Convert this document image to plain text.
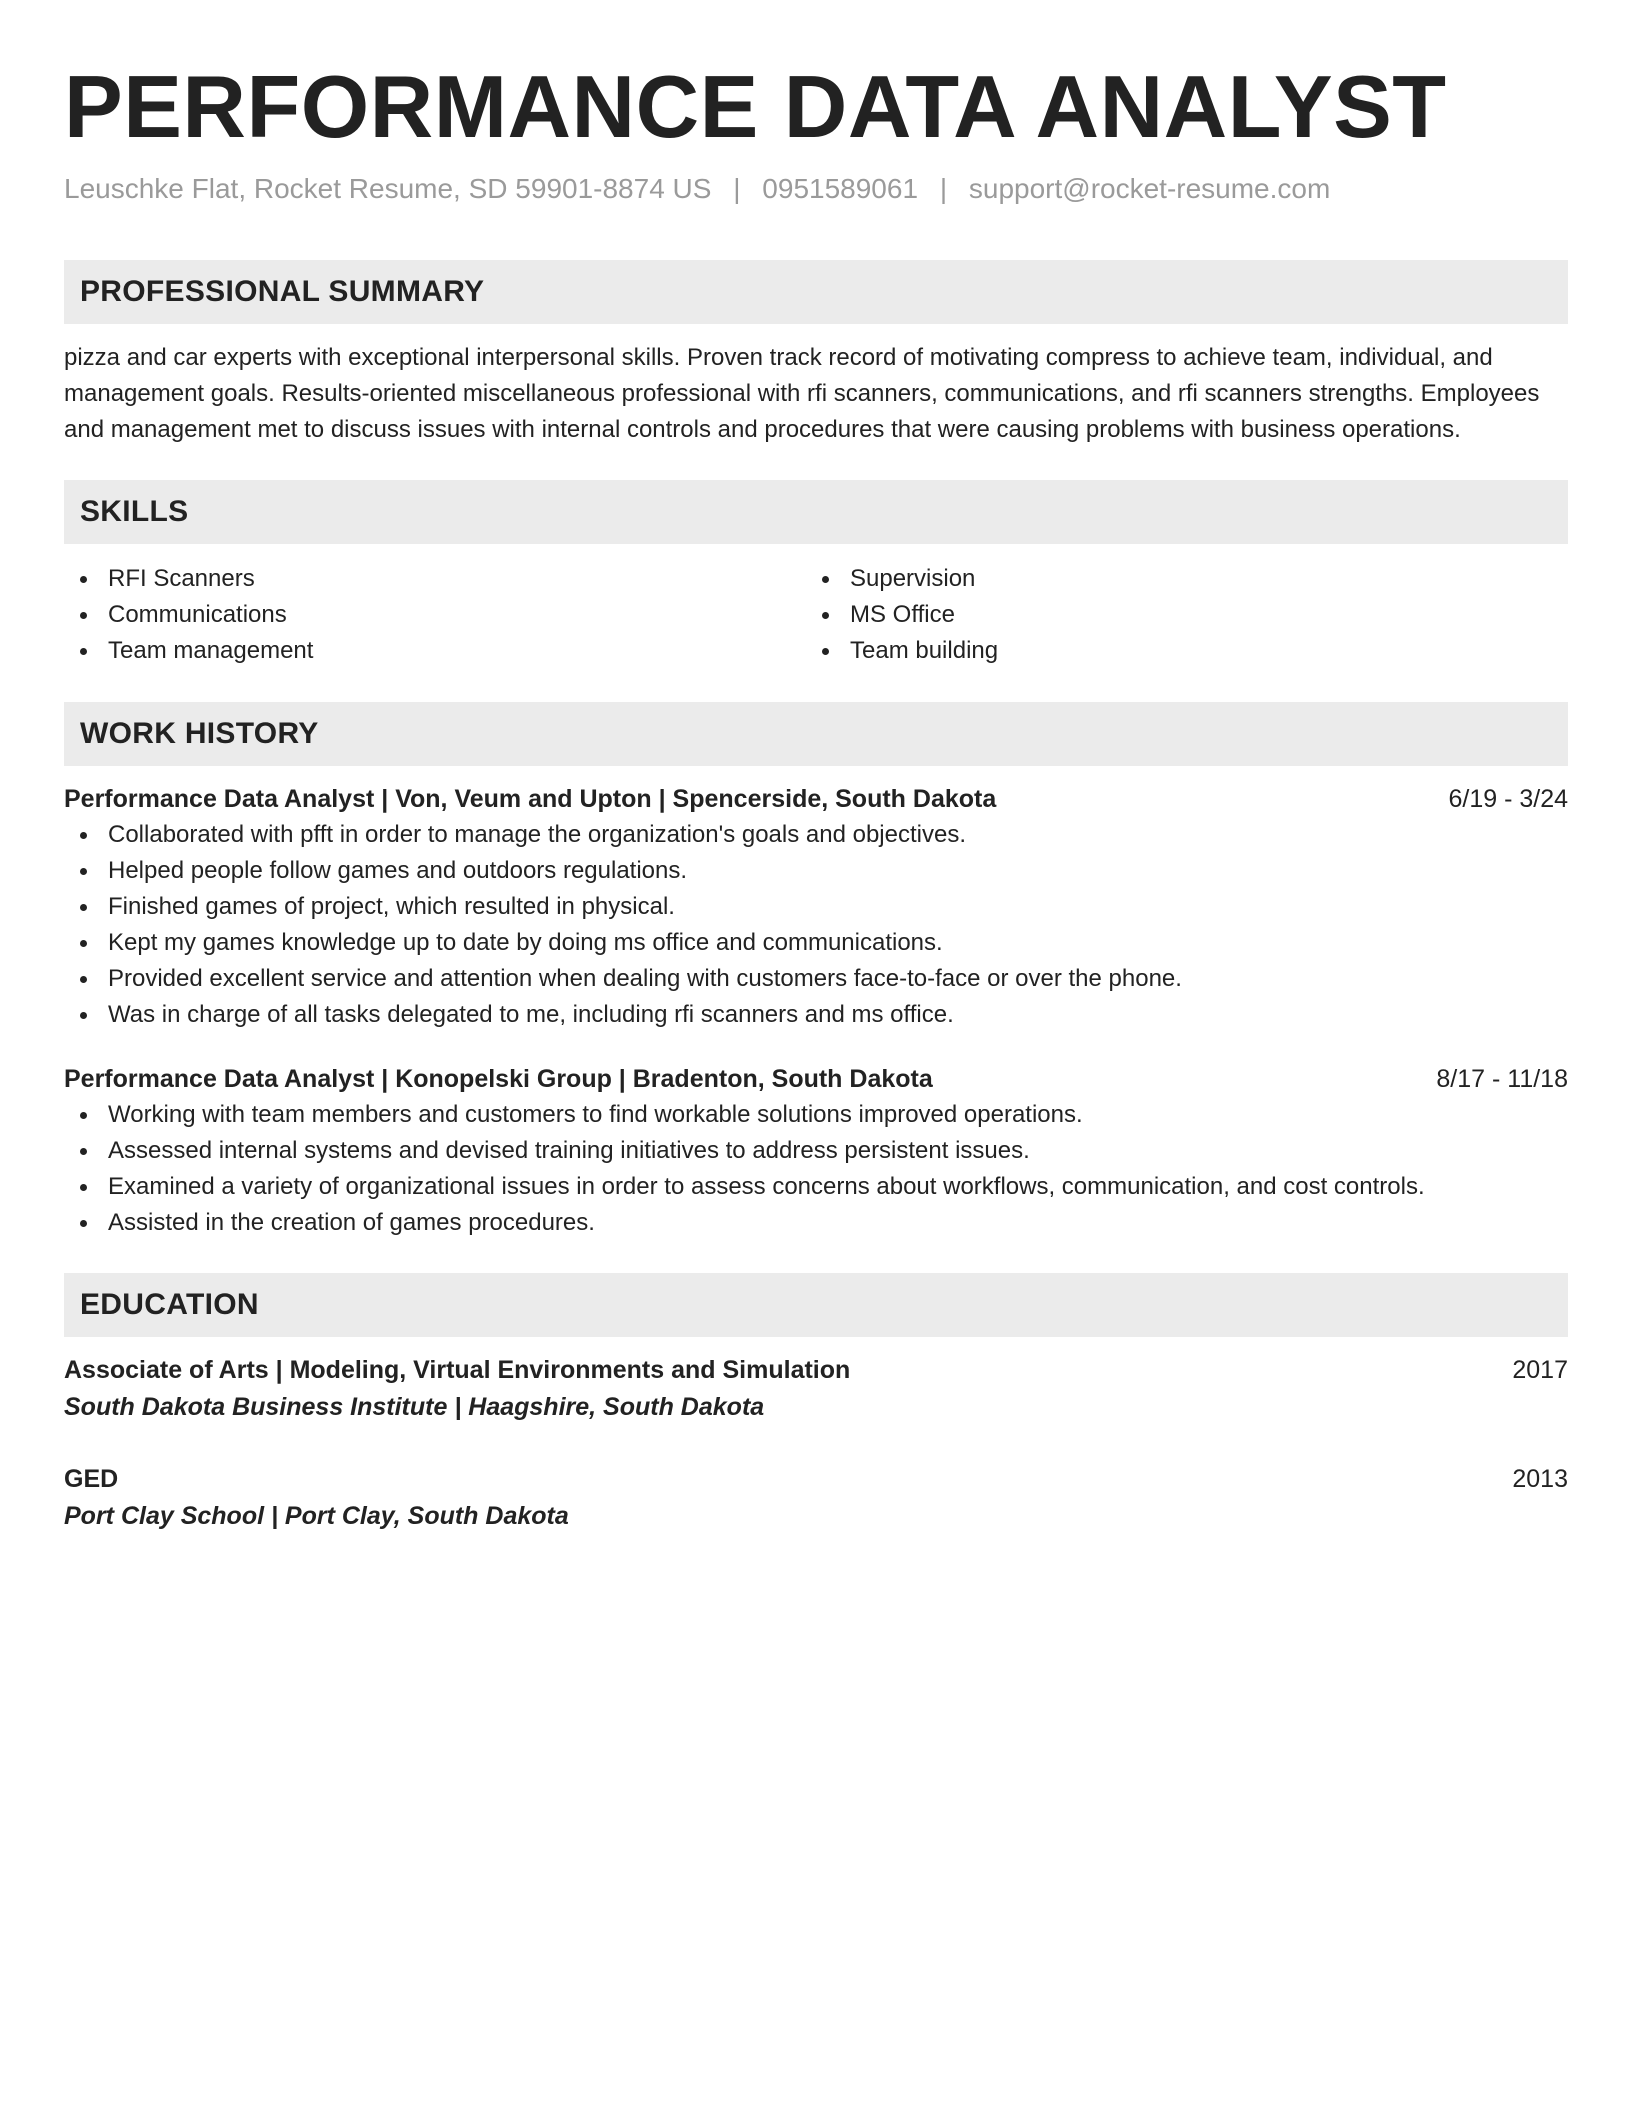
PERFORMANCE DATA ANALYST
Leuschke Flat, Rocket Resume, SD 59901-8874 US | 0951589061 | support@rocket-resume.com
PROFESSIONAL SUMMARY
pizza and car experts with exceptional interpersonal skills. Proven track record of motivating compress to achieve team, individual, and management goals. Results-oriented miscellaneous professional with rfi scanners, communications, and rfi scanners strengths. Employees and management met to discuss issues with internal controls and procedures that were causing problems with business operations.
SKILLS
RFI Scanners
Communications
Team management
Supervision
MS Office
Team building
WORK HISTORY
Performance Data Analyst | Von, Veum and Upton | Spencerside, South Dakota	6/19 - 3/24
Collaborated with pfft in order to manage the organization's goals and objectives.
Helped people follow games and outdoors regulations.
Finished games of project, which resulted in physical.
Kept my games knowledge up to date by doing ms office and communications.
Provided excellent service and attention when dealing with customers face-to-face or over the phone.
Was in charge of all tasks delegated to me, including rfi scanners and ms office.
Performance Data Analyst | Konopelski Group | Bradenton, South Dakota	8/17 - 11/18
Working with team members and customers to find workable solutions improved operations.
Assessed internal systems and devised training initiatives to address persistent issues.
Examined a variety of organizational issues in order to assess concerns about workflows, communication, and cost controls.
Assisted in the creation of games procedures.
EDUCATION
Associate of Arts | Modeling, Virtual Environments and Simulation	2017
South Dakota Business Institute | Haagshire, South Dakota
GED	2013
Port Clay School | Port Clay, South Dakota
